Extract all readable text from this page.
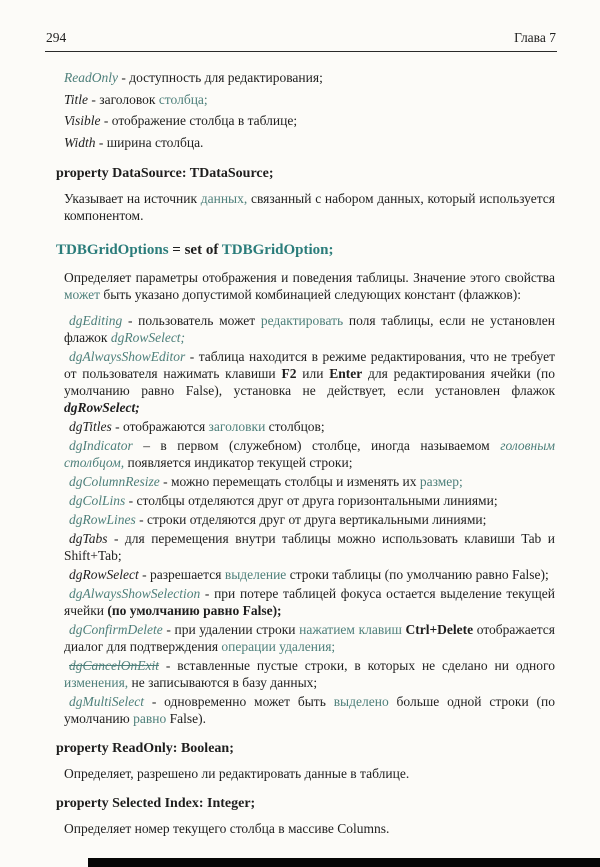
294	Глава 7

ReadOnly - доступность для редактирования;

Title - заголовок столбца;

Visible - отображение столбца в таблице;

Width - ширина столбца.

property DataSource: TDataSource;

Указывает на источник данных, связанный с набором данных, который используется компонентом.

TDBGridOptions = set of TDBGridOption;

Определяет параметры отображения и поведения таблицы. Значение этого свойства может быть указано допустимой комбинацией следующих констант (флажков):

dgEditing - пользователь может редактировать поля таблицы, если не установлен флажок dgRowSelect;

dgAlwaysShowEditor - таблица находится в режиме редактирования, что не требует от пользователя нажимать клавиши F2 или Enter для редактирования ячейки (по умолчанию равно False), установка не действует, если установлен флажок dgRowSelect;

dgTitles - отображаются заголовки столбцов;

dgIndicator – в первом (служебном) столбце, иногда называемом головным столбцом, появляется индикатор текущей строки;

dgColumnResize - можно перемещать столбцы и изменять их размер;

dgColLins - столбцы отделяются друг от друга горизонтальными линиями;

dgRowLines - строки отделяются друг от друга вертикальными линиями;

dgTabs - для перемещения внутри таблицы можно использовать клавиши Tab и Shift+Tab;

dgRowSelect - разрешается выделение строки таблицы (по умолчанию равно False);

dgAlwaysShowSelection - при потере таблицей фокуса остается выделение текущей ячейки (по умолчанию равно False);

dgConfirmDelete - при удалении строки нажатием клавиш Ctrl+Delete отображается диалог для подтверждения операции удаления;

dgCancelOnExit - вставленные пустые строки, в которых не сделано ни одного изменения, не записываются в базу данных;

dgMultiSelect - одновременно может быть выделено больше одной строки (по умолчанию равно False).

property ReadOnly: Boolean;

Определяет, разрешено ли редактировать данные в таблице.

property Selected Index: Integer;

Определяет номер текущего столбца в массиве Columns.
